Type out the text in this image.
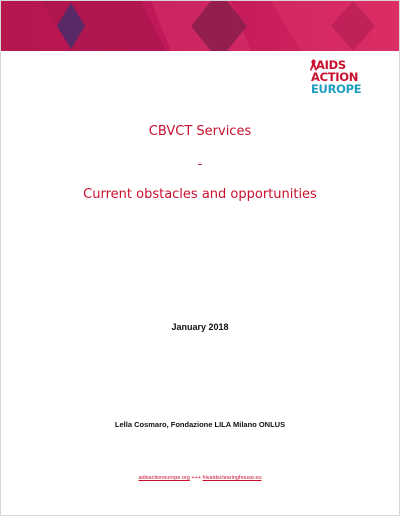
AIDS
ACTION
EUROPE
CBVCT Services
-
Current obstacles and opportunities
January 2018
Lella Cosmaro, Fondazione LILA Milano ONLUS
aidsactioneurope.org +++ hivaidsclearinghouse.eu
